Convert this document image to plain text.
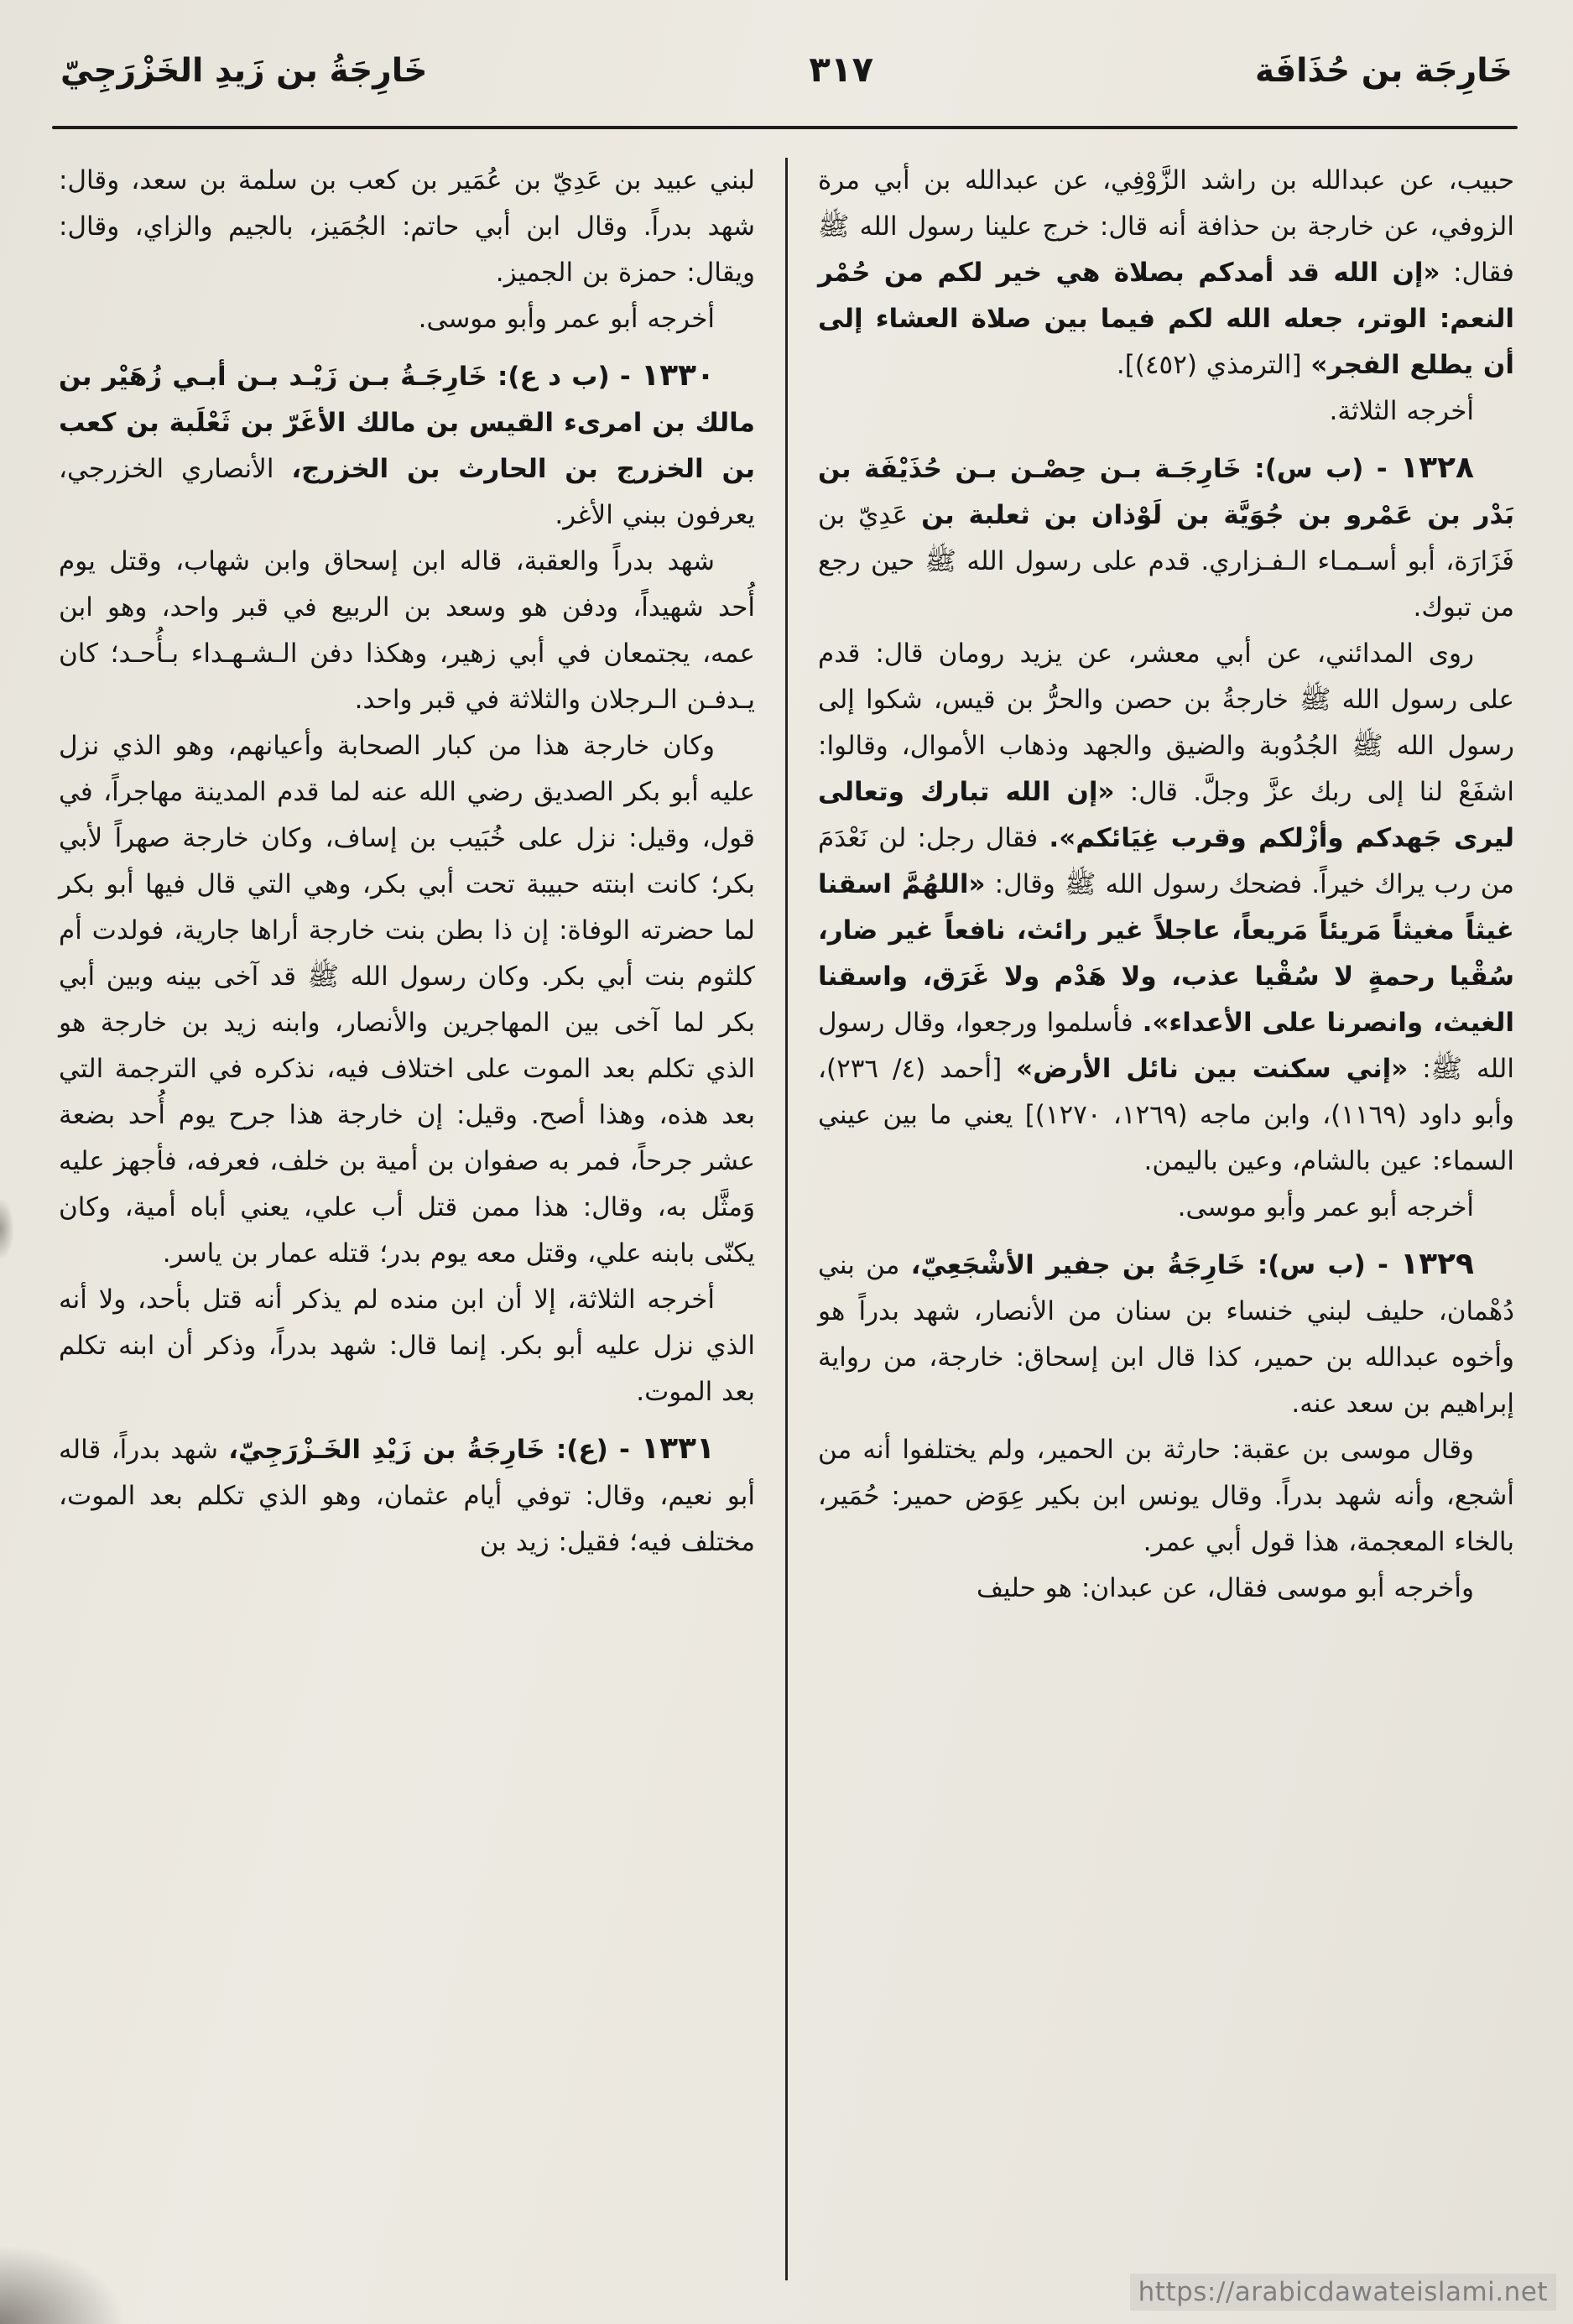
خَارِجَة بن حُذَافَة
٣١٧
خَارِجَةُ بن زَيدِ الخَزْرَجِيّ

حبيب، عن عبدالله بن راشد الزَّوْفِي، عن عبدالله بن أبي مرة الزوفي، عن خارجة بن حذافة أنه قال: خرج علينا رسول الله ﷺ فقال: «إن الله قد أمدكم بصلاة هي خير لكم من حُمْر النعم: الوتر، جعله الله لكم فيما بين صلاة العشاء إلى أن يطلع الفجر» [الترمذي (٤٥٢)].

أخرجه الثلاثة.

١٣٢٨ - (ب س): خَارِجَـة بـن حِصْـن بـن حُذَيْفَة بن بَدْر بن عَمْرو بن جُوَيَّة بن لَوْذان بن ثعلبة بن عَدِيّ بن فَزَارَة، أبو أسـمـاء الـفـزاري. قدم على رسول الله ﷺ حين رجع من تبوك.

روى المدائني، عن أبي معشر، عن يزيد رومان قال: قدم على رسول الله ﷺ خارجةُ بن حصن والحرُّ بن قيس، شكوا إلى رسول الله ﷺ الجُدُوبة والضيق والجهد وذهاب الأموال، وقالوا: اشفَعْ لنا إلى ربك عزَّ وجلَّ. قال: «إن الله تبارك وتعالى ليرى جَهدكم وأزْلكم وقرب غِيَائكم». فقال رجل: لن نَعْدَمَ من رب يراك خيراً. فضحك رسول الله ﷺ وقال: «اللهُمَّ اسقنا غيثاً مغيثاً مَريئاً مَريعاً، عاجلاً غير رائث، نافعاً غير ضار، سُقْيا رحمةٍ لا سُقْيا عذب، ولا هَدْم ولا غَرَق، واسقنا الغيث، وانصرنا على الأعداء». فأسلموا ورجعوا، وقال رسول الله ﷺ: «إني سكنت بين نائل الأرض» [أحمد (٤/ ٢٣٦)، وأبو داود (١١٦٩)، وابن ماجه (١٢٦٩، ١٢٧٠)] يعني ما بين عيني السماء: عين بالشام، وعين باليمن.

أخرجه أبو عمر وأبو موسى.

١٣٢٩ - (ب س): خَارِجَةُ بن جفير الأشْجَعِيّ، من بني دُهْمان، حليف لبني خنساء بن سنان من الأنصار، شهد بدراً هو وأخوه عبدالله بن حمير، كذا قال ابن إسحاق: خارجة، من رواية إبراهيم بن سعد عنه.

وقال موسى بن عقبة: حارثة بن الحمير، ولم يختلفوا أنه من أشجع، وأنه شهد بدراً. وقال يونس ابن بكير عِوَض حمير: حُمَير، بالخاء المعجمة، هذا قول أبي عمر.

وأخرجه أبو موسى فقال، عن عبدان: هو حليف

لبني عبيد بن عَدِيّ بن عُمَير بن كعب بن سلمة بن سعد، وقال: شهد بدراً. وقال ابن أبي حاتم: الجُمَيز، بالجيم والزاي، وقال: ويقال: حمزة بن الجميز.

أخرجه أبو عمر وأبو موسى.

١٣٣٠ - (ب د ع): خَارِجَـةُ بـن زَيْـد بـن أبـي زُهَيْر بن مالك بن امرىء القيس بن مالك الأغَرّ بن ثَعْلَبة بن كعب بن الخزرج بن الحارث بن الخزرج، الأنصاري الخزرجي، يعرفون ببني الأغر.

شهد بدراً والعقبة، قاله ابن إسحاق وابن شهاب، وقتل يوم أُحد شهيداً، ودفن هو وسعد بن الربيع في قبر واحد، وهو ابن عمه، يجتمعان في أبي زهير، وهكذا دفن الـشـهـداء بـأُحـد؛ كان يـدفـن الـرجلان والثلاثة في قبر واحد.

وكان خارجة هذا من كبار الصحابة وأعيانهم، وهو الذي نزل عليه أبو بكر الصديق رضي الله عنه لما قدم المدينة مهاجراً، في قول، وقيل: نزل على خُبَيب بن إساف، وكان خارجة صهراً لأبي بكر؛ كانت ابنته حبيبة تحت أبي بكر، وهي التي قال فيها أبو بكر لما حضرته الوفاة: إن ذا بطن بنت خارجة أراها جارية، فولدت أم كلثوم بنت أبي بكر. وكان رسول الله ﷺ قد آخى بينه وبين أبي بكر لما آخى بين المهاجرين والأنصار، وابنه زيد بن خارجة هو الذي تكلم بعد الموت على اختلاف فيه، نذكره في الترجمة التي بعد هذه، وهذا أصح. وقيل: إن خارجة هذا جرح يوم أُحد بضعة عشر جرحاً، فمر به صفوان بن أمية بن خلف، فعرفه، فأجهز عليه وَمثَّل به، وقال: هذا ممن قتل أب علي، يعني أباه أمية، وكان يكنّى بابنه علي، وقتل معه يوم بدر؛ قتله عمار بن ياسر.

أخرجه الثلاثة، إلا أن ابن منده لم يذكر أنه قتل بأحد، ولا أنه الذي نزل عليه أبو بكر. إنما قال: شهد بدراً، وذكر أن ابنه تكلم بعد الموت.

١٣٣١ - (ع): خَارِجَةُ بن زَيْدِ الخَـزْرَجِيّ، شهد بدراً، قاله أبو نعيم، وقال: توفي أيام عثمان، وهو الذي تكلم بعد الموت، مختلف فيه؛ فقيل: زيد بن

https://arabicdawateislami.net
